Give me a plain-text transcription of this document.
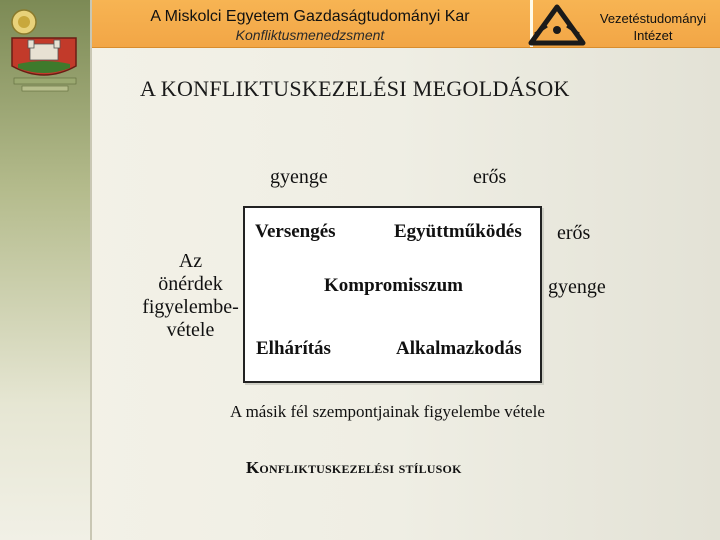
A Miskolci Egyetem Gazdaságtudományi Kar
Konfliktusmenedzsment
Vezetéstudományi
Intézet
A KONFLIKTUSKEZELÉSI MEGOLDÁSOK
gyenge	erős
erős
gyenge
Az
önérdek
figyelembe-
vétele
Versengés	Együttműködés
Kompromisszum
Elhárítás	Alkalmazkodás
A másik fél szempontjainak figyelembe vétele
Konfliktuskezelési stílusok
